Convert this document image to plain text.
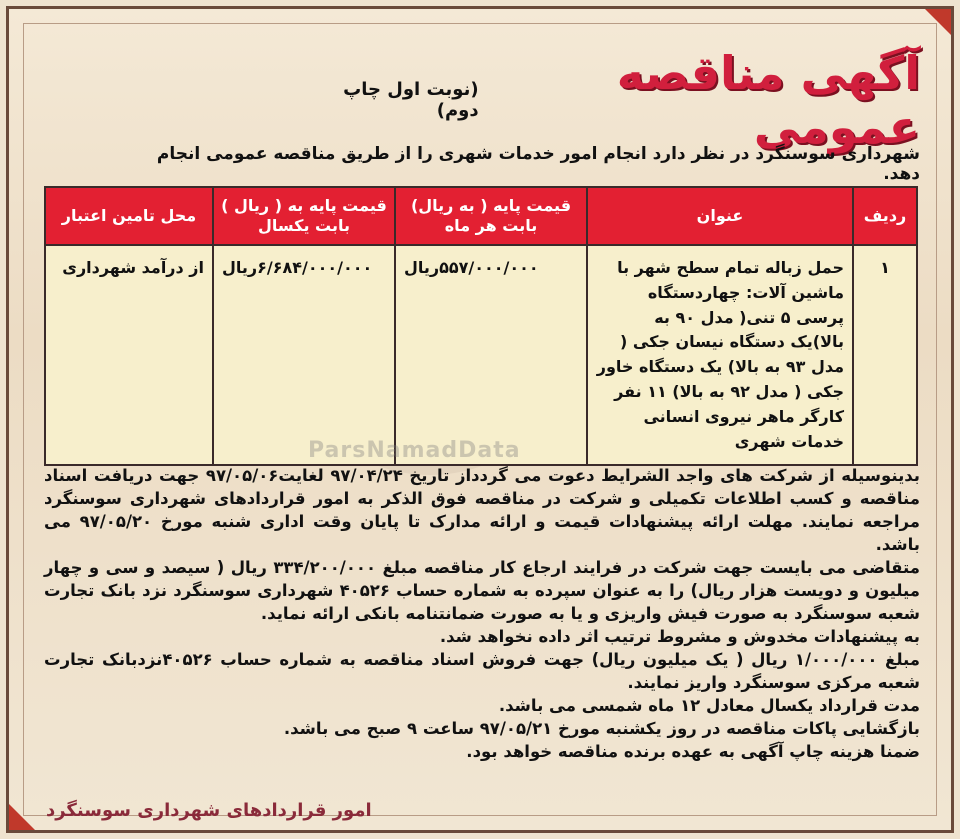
آگهی مناقصه عمومی
(نوبت اول چاپ دوم)
شهرداری سوسنگرد در نظر دارد انجام امور خدمات شهری را از طریق مناقصه عمومی انجام دهد.
ردیف	عنوان	قیمت پایه ( به ریال) بابت هر ماه	قیمت پایه به ( ریال ) بابت یکسال	محل تامین اعتبار
۱	حمل زباله تمام سطح شهر با ماشین آلات: چهاردستگاه پرسی ۵ تنی( مدل ۹۰ به بالا)یک دستگاه نیسان جکی ( مدل ۹۳ به بالا) یک دستگاه خاور جکی ( مدل ۹۲ به بالا) ۱۱ نفر کارگر ماهر نیروی انسانی خدمات شهری	۵۵۷/۰۰۰/۰۰۰ریال	۶/۶۸۴/۰۰۰/۰۰۰ریال	از درآمد شهرداری
ParsNamadData

بدینوسیله از شرکت های واجد الشرایط دعوت می گردداز تاریخ ۹۷/۰۴/۲۴ لغایت۹۷/۰۵/۰۶ جهت دریافت اسناد مناقصه و کسب اطلاعات تکمیلی و شرکت در مناقصه فوق الذکر به امور قراردادهای شهرداری سوسنگرد مراجعه نمایند. مهلت ارائه پیشنهادات قیمت و ارائه مدارک تا پایان وقت اداری شنبه مورخ ۹۷/۰۵/۲۰ می باشد.

متقاضی می بایست جهت شرکت در فرایند ارجاع کار مناقصه مبلغ ۳۳۴/۲۰۰/۰۰۰ ریال ( سیصد و سی و چهار میلیون و دویست هزار ریال) را به عنوان سپرده به شماره حساب ۴۰۵۲۶ شهرداری سوسنگرد نزد بانک تجارت شعبه سوسنگرد به صورت فیش واریزی و یا به صورت ضمانتنامه بانکی ارائه نماید.

به پیشنهادات مخدوش و مشروط ترتیب اثر داده نخواهد شد.

مبلغ ۱/۰۰۰/۰۰۰ ریال ( یک میلیون ریال) جهت فروش اسناد مناقصه به شماره حساب ۴۰۵۲۶نزدبانک تجارت شعبه مرکزی سوسنگرد واریز نمایند.

مدت قرارداد یکسال معادل ۱۲ ماه شمسی می باشد.

بازگشایی پاکات مناقصه در روز یکشنبه مورخ ۹۷/۰۵/۲۱ ساعت ۹ صبح می باشد.

ضمنا هزینه چاپ آگهی به عهده برنده مناقصه خواهد بود.

امور قراردادهای شهرداری سوسنگرد
